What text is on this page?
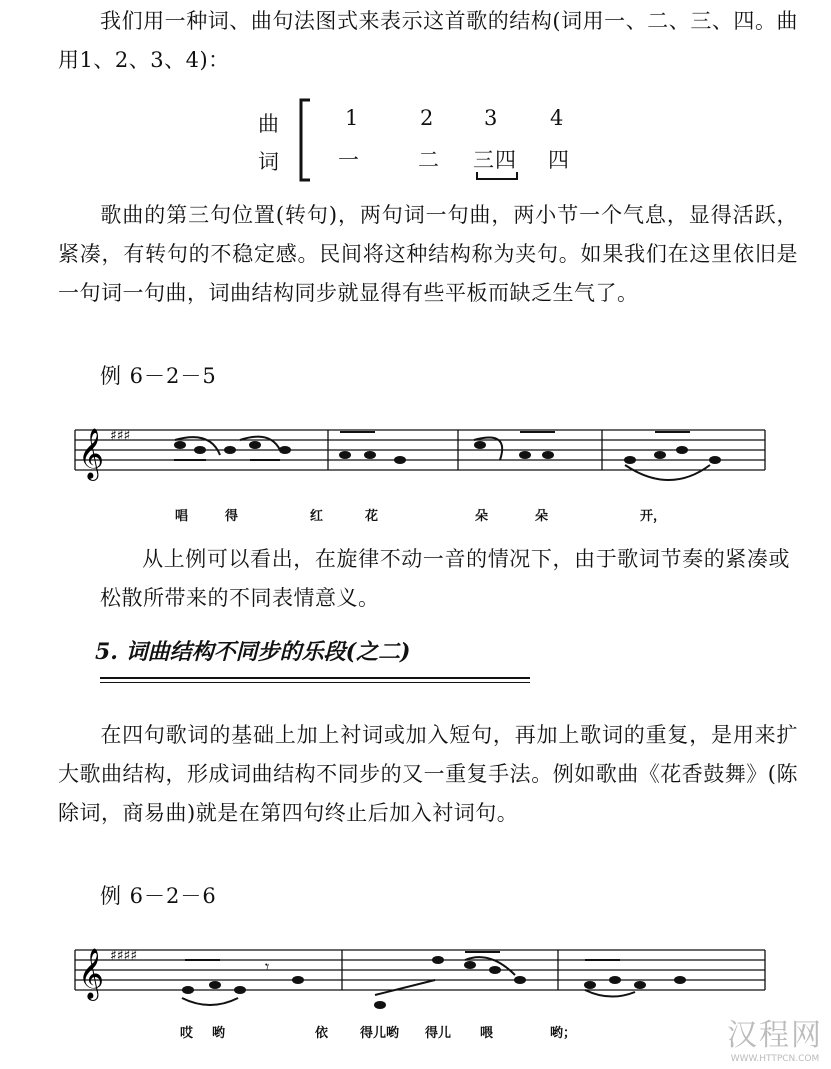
我们用一种词、曲句法图式来表示这首歌的结构(词用一、二、三、四。曲用1、2、3、4)：
曲
词
1	2 3 4
一	二 三四 四
歌曲的第三句位置(转句)，两句词一句曲，两小节一个气息，显得活跃，紧凑，有转句的不稳定感。民间将这种结构称为夹句。如果我们在这里依旧是一句词一句曲，词曲结构同步就显得有些平板而缺乏生气了。
例 6－2－5
𝄞 ♯♯♯
唱	得	红	花	朵	朵	开，
从上例可以看出，在旋律不动一音的情况下，由于歌词节奏的紧凑或松散所带来的不同表情意义。
5. 词曲结构不同步的乐段(之二)
在四句歌词的基础上加上衬词或加入短句，再加上歌词的重复，是用来扩大歌曲结构，形成词曲结构不同步的又一重复手法。例如歌曲《花香鼓舞》(陈除词，商易曲)就是在第四句终止后加入衬词句。
例 6－2－6
𝄞 ♯♯♯♯
𝄾
哎 哟	依 得儿哟 得儿 喂	哟；	汉程网
WWW.HTTPCN.COM
